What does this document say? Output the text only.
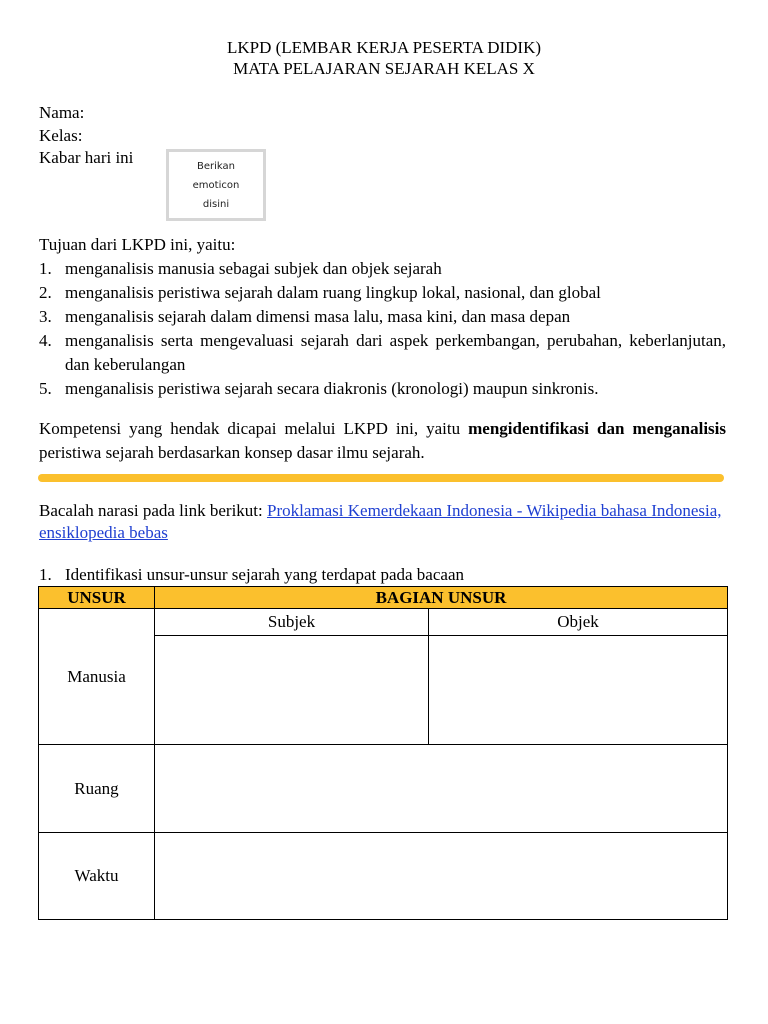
LKPD (LEMBAR KERJA PESERTA DIDIK)
MATA PELAJARAN SEJARAH KELAS X
Nama:
Kelas:
Kabar hari ini	Berikan
emoticon
disini
Tujuan dari LKPD ini, yaitu:
1. menganalisis manusia sebagai subjek dan objek sejarah
2. menganalisis peristiwa sejarah dalam ruang lingkup lokal, nasional, dan global
3. menganalisis sejarah dalam dimensi masa lalu, masa kini, dan masa depan
4. menganalisis serta mengevaluasi sejarah dari aspek perkembangan, perubahan, keberlanjutan, dan keberulangan
5. menganalisis peristiwa sejarah secara diakronis (kronologi) maupun sinkronis.
Kompetensi yang hendak dicapai melalui LKPD ini, yaitu mengidentifikasi dan menganalisis peristiwa sejarah berdasarkan konsep dasar ilmu sejarah.
Bacalah narasi pada link berikut: Proklamasi Kemerdekaan Indonesia - Wikipedia bahasa Indonesia, ensiklopedia bebas
1. Identifikasi unsur-unsur sejarah yang terdapat pada bacaan
UNSUR	BAGIAN UNSUR	
Manusia	Subjek	Objek

Ruang		
Waktu		
